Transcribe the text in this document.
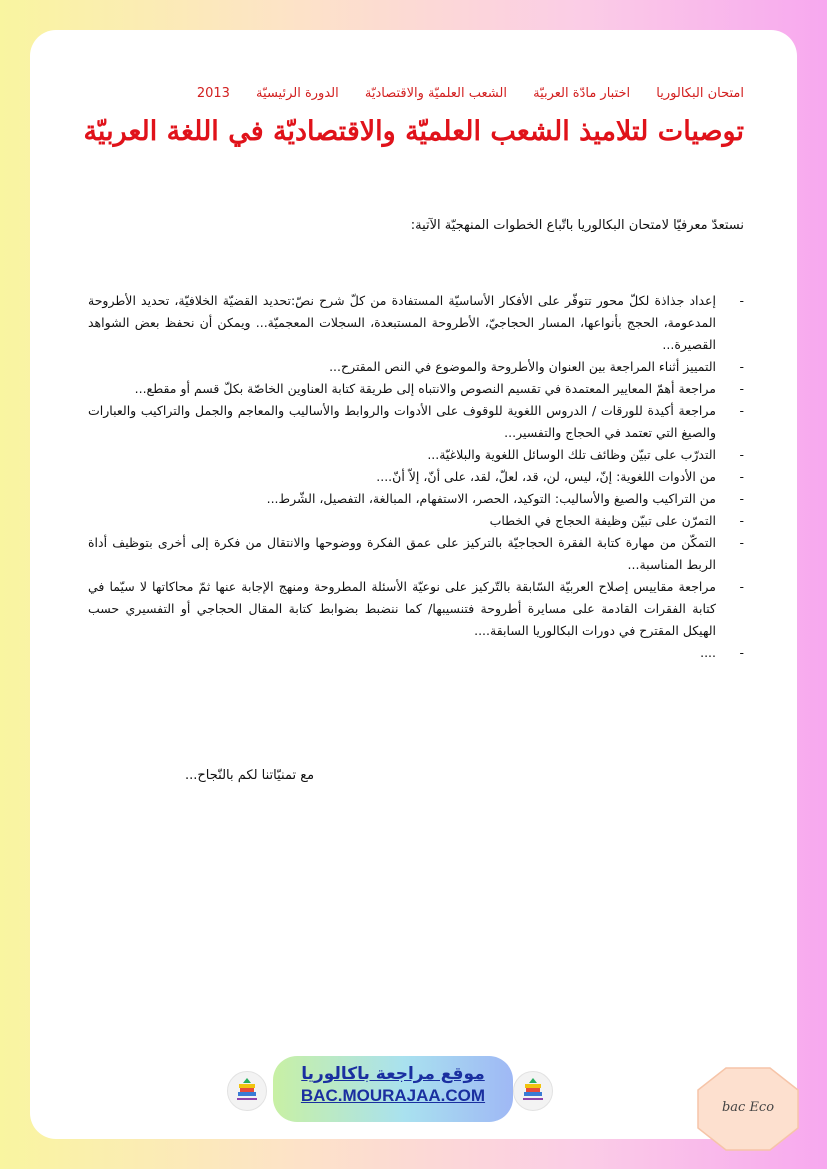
امتحان البكالوريا اختبار مادّة العربيّة الشعب العلميّة والاقتصاديّة الدورة الرئيسيّة 2013
توصيات لتلاميذ الشعب العلميّة والاقتصاديّة في اللغة العربيّة
نستعدّ معرفيّا لامتحان البكالوريا باتّباع الخطوات المنهجيّة الآتية:
- إعداد جذاذة لكلّ محور تتوفّر على الأفكار الأساسيّة المستفادة من كلّ شرح نصّ:تحديد القضيّة الخلافيّة، تحديد الأطروحة المدعومة، الحجج بأنواعها، المسار الحجاجيّ، الأطروحة المستبعدة، السجلات المعجميّة... ويمكن أن نحفظ بعض الشواهد القصيرة...
- التمييز أثناء المراجعة بين العنوان والأطروحة والموضوع في النص المقترح...
- مراجعة أهمّ المعايير المعتمدة في تقسيم النصوص والانتباه إلى طريقة كتابة العناوين الخاصّة بكلّ قسم أو مقطع...
- مراجعة أكيدة للورقات / الدروس اللغوية للوقوف على الأدوات والروابط والأساليب والمعاجم والجمل والتراكيب والعبارات والصيغ التي تعتمد في الحجاج والتفسير...
- التدرّب على تبيّن وظائف تلك الوسائل اللغوية والبلاغيّة...
- من الأدوات اللغوية: إنّ، ليس، لن، قد، لعلّ، لقد، على أنّ، إلاّ أنّ....
- من التراكيب والصيغ والأساليب: التوكيد، الحصر، الاستفهام، المبالغة، التفصيل، الشّرط...
- التمرّن على تبيّن وظيفة الحجاج في الخطاب
- التمكّن من مهارة كتابة الفقرة الحجاجيّة بالتركيز على عمق الفكرة ووضوحها والانتقال من فكرة إلى أخرى بتوظيف أداة الربط المناسبة...
- مراجعة مقاييس إصلاح العربيّة السّابقة بالتّركيز على نوعيّة الأسئلة المطروحة ومنهج الإجابة عنها ثمّ محاكاتها لا سيّما في كتابة الفقرات القادمة على مسايرة أطروحة فتنسيبها/ كما ننضبط بضوابط كتابة المقال الحجاجي أو التفسيري حسب الهيكل المقترح في دورات البكالوريا السابقة....
- ....
مع تمنيّاتنا لكم بالنّجاح...
موقع مراجعة باكالوريا
BAC.MOURAJAA.COM
bac Eco
